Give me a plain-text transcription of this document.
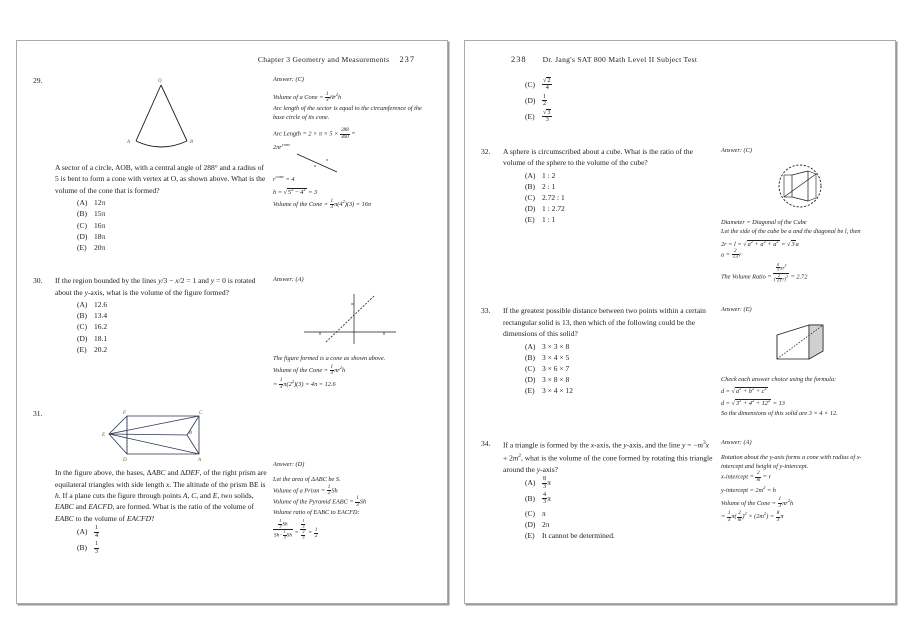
Chapter 3 Geometry and Measurements 237
29.	O
A	B
A sector of a circle, AOB, with a central angle of 288° and a radius of 5 is bent to form a cone with vertex at O, as shown above. What is the volume of the cone that is formed?
(A) 12π
(B) 15π
(C) 16π
(D) 18π
(E) 20π

Answer: (C)

Volume of a Cone = $\frac{1}{3}$ 𝜋r$^2$h

Arc length of the sector is equal to the circumference of the base circle of its cone.

Arc Length = $2 \times \pi \times 5 \times \frac{288}{360}$ =

$2\pi r^{cone}$

$r^{cone} = 4$

$h = √5^2 - 4^2 = 3$

Volume of the Cone = $\frac{1}{3} \pi(4^2)(3) = 16\pi$

30.	If the region bounded by the lines y/3 − x/2 = 1 and y = 0 is rotated about the y-axis, what is the volume of the figure formed?
(A) 12.6
(B) 13.4
(C) 16.2
(D) 18.1
(E) 20.2

Answer: (A)

The figure formed is a cone as shown above.

Volume of the Cone = $\frac{1}{3} \pi r^2h$

= $\frac{1}{3} \pi(2^2)(3) = 4\pi = 12.6$

31.	F	C
E	B
D	A
In the figure above, the bases, ΔABC and ΔDEF, of the right prism are equilateral triangles with side length x. The altitude of the prism BE is h. If a plane cuts the figure through points A, C, and E, two solids, EABC and EACFD, are formed. What is the ratio of the volume of EABC to the volume of EACFD?
$(A) \frac{1}{4}$
$(B) \frac{1}{3}$

Answer: (D)

Let the area of ΔABC be S.

Volume of a Prism = $\frac{1}{2}$ Sh

Volume of the Pyramid EABC = $\frac{1}{3}$ Sh

Volume ratio of EABC to EACFD:

$\frac{\frac{1}{3} Sh}{Sh- \frac{1}{3} Sh} = \frac{\frac{1}{3}}{\frac{2}{3}} = \frac{1}{2}$

238 Dr. Jang's SAT 800 Math Level II Subject Test
$(C) \frac{√2}{4}$
$(D) \frac{1}{2}$
$(E) \frac{√3}{3}$
32.	A sphere is circumscribed about a cube. What is the ratio of the volume of the sphere to the volume of the cube?
(A) 1 : 2
(B) 2 : 1
(C) 2.72 : 1
(D) 1 : 2.72
(E) 1 : 1

Answer: (C)

Diameter = Diagonal of the Cube

Let the side of the cube be a and the diagonal be l, then

$2r = l = √a^2 + a^2 + a^2 = √3a$

$a = \frac{2}{√3}$ r

The Volume Ratio = $\frac{\frac{4}{3} \pi r^3}{( \frac{2}{√3} r)^3} = 2.72$

33.	If the greatest possible distance between two points within a certain rectangular solid is 13, then which of the following could be the dimensions of this solid?
(A) 3 × 3 × 8
(B) 3 × 4 × 5
(C) 3 × 6 × 7
(D) 3 × 8 × 8
(E) 3 × 4 × 12

Answer: (E)

Check each answer choice using the formula:

$d = √a^2 + b^2 + c^2$

$d = √3^2 + 4^2 + 12^2 = 13$

So the dimensions of this solid are 3 × 4 × 12.

34.	If a triangle is formed by the x-axis, the y-axis, and the line $y = -m^3x + 2m^2$, what is the volume of the cone formed by rotating this triangle around the y-axis?
$(A) \frac{8}{3}$ π
$(B) \frac{4}{3}$ π
(C) π
(D) 2π
(E) It cannot be determined.

Answer: (A)

Rotation about the y-axis forms a cone with radius of x-intercept and height of y-intercept.

x-intercept = $\frac{2}{m} = r$

y-intercept = $2m^2 = h$

Volume of the Cone = $\frac{1}{3} \pi r^2h$

= $\frac{1}{3} \pi( \frac{2}{m} )^2 \times (2m^2) = \frac{8}{3}$ π
